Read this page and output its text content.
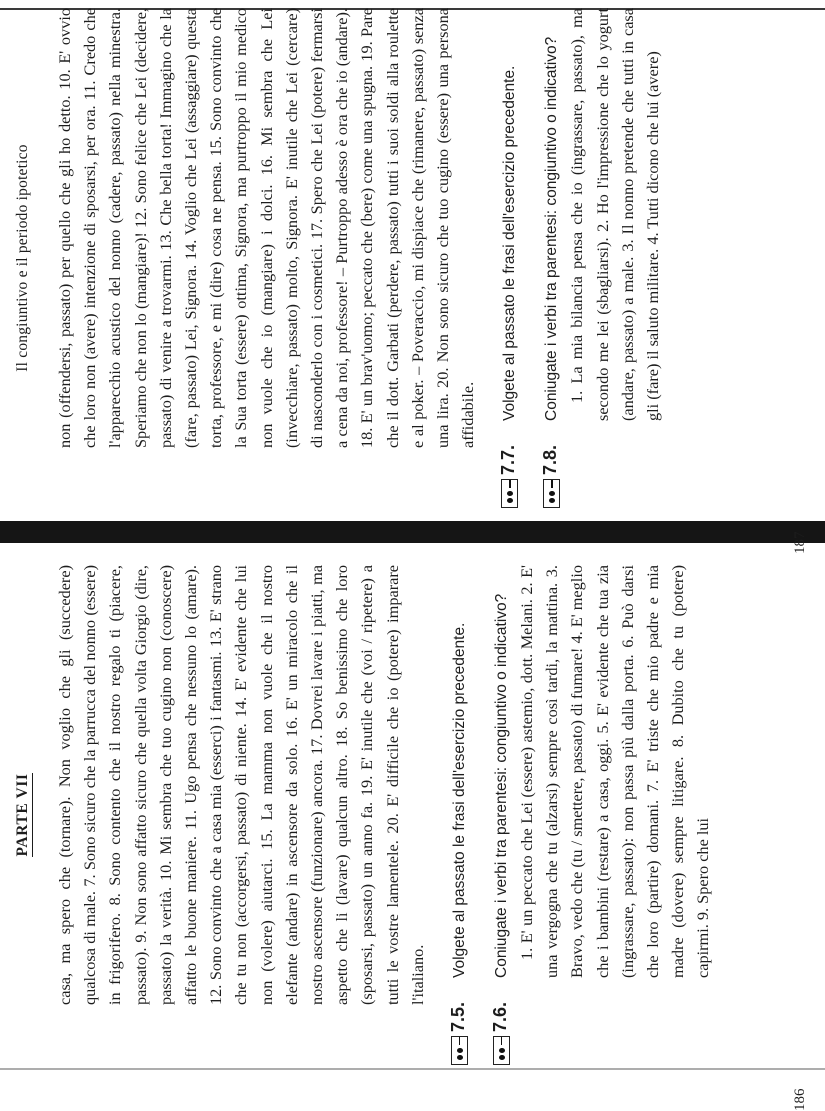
PARTE VII casa, ma spero che (tornare). Non voglio che gli (succedere) qualcosa di male. 7. Sono sicuro che la parrucca del nonno (essere) in frigorifero. 8. Sono contento che il nostro regalo ti (piacere, passato). 9. Non sono affatto sicuro che quella volta Giorgio (dire, passato) la verità. 10. Mi sembra che tuo cugino non (conoscere) affatto le buone maniere. 11. Ugo pensa che nessuno lo (amare). 12. Sono convinto che a casa mia (esserci) i fantasmi. 13. E' strano che tu non (accorgersi, passato) di niente. 14. E' evidente che lui non (volere) aiutarci. 15. La mamma non vuole che il nostro elefante (andare) in ascensore da solo. 16. E' un miracolo che il nostro ascensore (funzionare) ancora. 17. Dovrei lavare i piatti, ma aspetto che li (lavare) qualcun altro. 18. So benissimo che loro (sposarsi, passato) un anno fa. 19. E' inutile che (voi / ripetere) a tutti le vostre lamentele. 20. E' difficile che io (potere) imparare l'italiano.

7.5.Volgete al passato le frasi dell'esercizio precedente.

7.6.Coniugate i verbi tra parentesi: congiuntivo o indicativo? 1. E' un peccato che Lei (essere) astemio, dott. Melani. 2. E' una vergogna che tu (alzarsi) sempre così tardi, la mattina. 3. Bravo, vedo che (tu / smettere, passato) di fumare! 4. E' meglio che i bambini (restare) a casa, oggi. 5. E' evidente che tua zia (ingrassare, passato): non passa più dalla porta. 6. Può darsi che loro (partire) domani. 7. E' triste che mio padre e mia madre (dovere) sempre litigare. 8. Dubito che tu (potere) capirmi. 9. Spero che lui

186
Il congiuntivo e il periodo ipotetico non (offendersi, passato) per quello che gli ho detto. 10. E' ovvio che loro non (avere) intenzione di sposarsi, per ora. 11. Credo che l'apparecchio acustico del nonno (cadere, passato) nella minestra. Speriamo che non lo (mangiare)! 12. Sono felice che Lei (decidere, passato) di venire a trovarmi. 13. Che bella torta! Immagino che la (fare, passato) Lei, Signora. 14. Voglio che Lei (assaggiare) questa torta, professore, e mi (dire) cosa ne pensa. 15. Sono convinto che la Sua torta (essere) ottima, Signora, ma purtroppo il mio medico non vuole che io (mangiare) i dolci. 16. Mi sembra che Lei (invecchiare, passato) molto, Signora. E' inutile che Lei (cercare) di nasconderlo con i cosmetici. 17. Spero che Lei (potere) fermarsi a cena da noi, professore! – Purtroppo adesso è ora che io (andare). 18. E' un brav'uomo; peccato che (bere) come una spugna. 19. Pare che il dott. Garbati (perdere, passato) tutti i suoi soldi alla roulette e al poker. – Poveraccio, mi dispiace che (rimanere, passato) senza una lira. 20. Non sono sicuro che tuo cugino (essere) una persona affidabile.

7.7.Volgete al passato le frasi dell'esercizio precedente.

7.8.Coniugate i verbi tra parentesi: congiuntivo o indicativo? 1. La mia bilancia pensa che io (ingrassare, passato), ma secondo me lei (sbagliarsi). 2. Ho l'impressione che lo yogurt (andare, passato) a male. 3. Il nonno pretende che tutti in casa gli (fare) il saluto militare. 4. Tutti dicono che lui (avere)

187
